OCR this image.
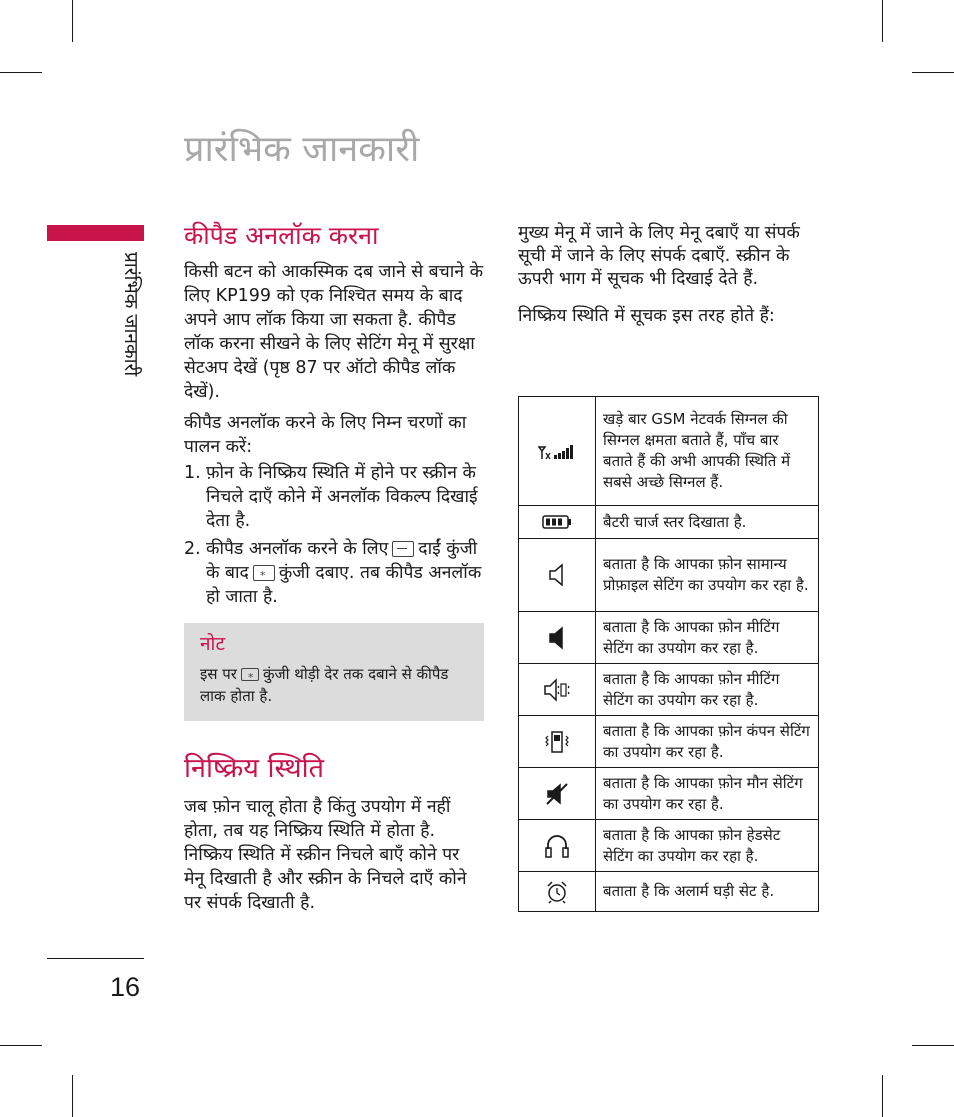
प्रारंभिक जानकारी
प्रारंभिक जानकारी
16
कीपैड अनलॉक करना

किसी बटन को आकस्मिक दब जाने से बचाने के लिए KP199 को एक निश्चित समय के बाद अपने आप लॉक किया जा सकता है. कीपैड लॉक करना सीखने के लिए सेटिंग मेनू में सुरक्षा सेटअप देखें (पृष्ठ 87 पर ऑटो कीपैड लॉक देखें).

कीपैड अनलॉक करने के लिए निम्न चरणों का पालन करें:

1. फ़ोन के निष्क्रिय स्थिति में होने पर स्क्रीन के निचले दाएँ कोने में अनलॉक विकल्प दिखाई देता है.
2. कीपैड अनलॉक करने के लिए दाईं कुंजी के बाद * कुंजी दबाए. तब कीपैड अनलॉक हो जाता है.
नोट

इस पर * कुंजी थोड़ी देर तक दबाने से कीपैड लाक होता है.

निष्क्रिय स्थिति

जब फ़ोन चालू होता है किंतु उपयोग में नहीं होता, तब यह निष्क्रिय स्थिति में होता है. निष्क्रिय स्थिति में स्क्रीन निचले बाएँ कोने पर मेनू दिखाती है और स्क्रीन के निचले दाएँ कोने पर संपर्क दिखाती है.

मुख्य मेनू में जाने के लिए मेनू दबाएँ या संपर्क सूची में जाने के लिए संपर्क दबाएँ. स्क्रीन के ऊपरी भाग में सूचक भी दिखाई देते हैं.

निष्क्रिय स्थिति में सूचक इस तरह होते हैं:

	खड़े बार GSM नेटवर्क सिग्नल की सिग्नल क्षमता बताते हैं, पाँच बार बताते हैं की अभी आपकी स्थिति में सबसे अच्छे सिग्नल हैं.

	बैटरी चार्ज स्तर दिखाता है.

	बताता है कि आपका फ़ोन सामान्य प्रोफ़ाइल सेटिंग का उपयोग कर रहा है.

	बताता है कि आपका फ़ोन मीटिंग सेटिंग का उपयोग कर रहा है.

	बताता है कि आपका फ़ोन मीटिंग सेटिंग का उपयोग कर रहा है.

	बताता है कि आपका फ़ोन कंपन सेटिंग का उपयोग कर रहा है.

	बताता है कि आपका फ़ोन मौन सेटिंग का उपयोग कर रहा है.

	बताता है कि आपका फ़ोन हेडसेट सेटिंग का उपयोग कर रहा है.

	बताता है कि अलार्म घड़ी सेट है.
